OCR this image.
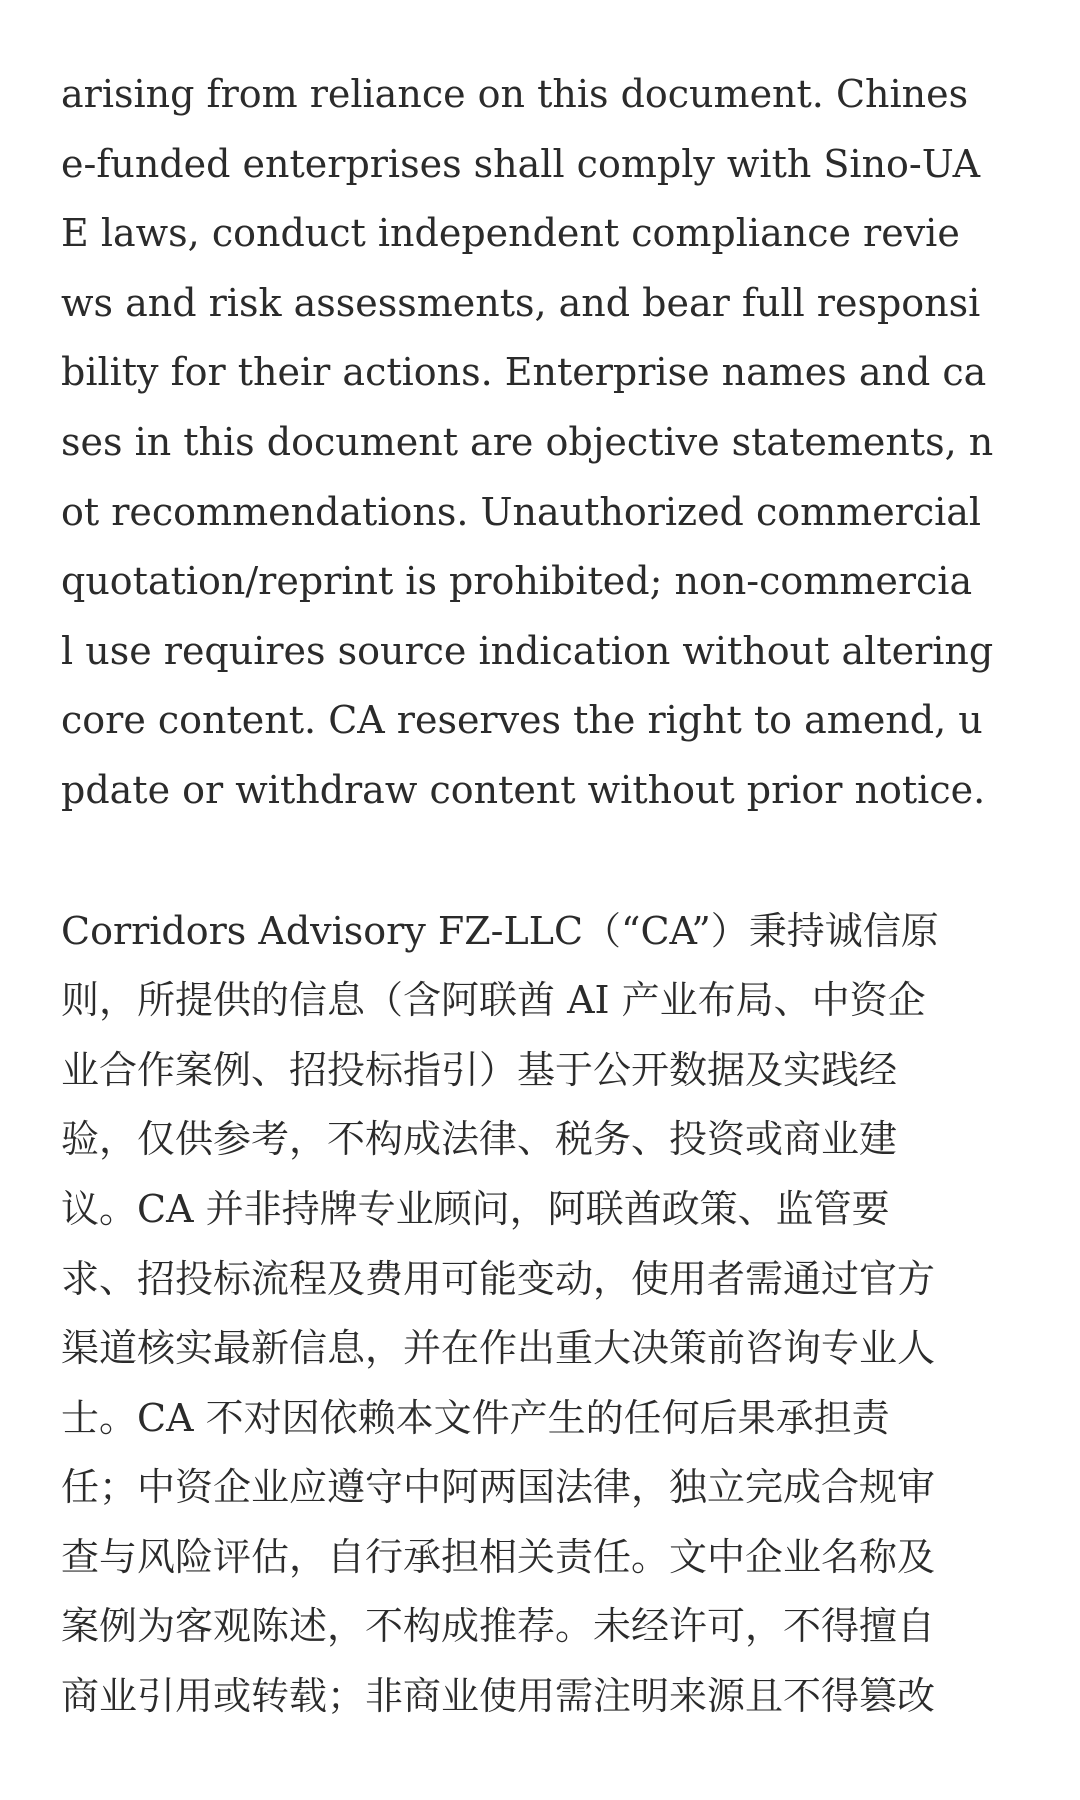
arising from reliance on this document. Chines
e-funded enterprises shall comply with Sino-UA
E laws, conduct independent compliance revie
ws and risk assessments, and bear full responsi
bility for their actions. Enterprise names and ca
ses in this document are objective statements, n
ot recommendations. Unauthorized commercial
quotation/reprint is prohibited; non-commercia
l use requires source indication without altering
core content. CA reserves the right to amend, u
pdate or withdraw content without prior notice.

Corridors Advisory FZ-LLC（“CA”）秉持诚信原
则，所提供的信息（含阿联酋 AI 产业布局、中资企
业合作案例、招投标指引）基于公开数据及实践经
验，仅供参考，不构成法律、税务、投资或商业建
议。CA 并非持牌专业顾问，阿联酋政策、监管要
求、招投标流程及费用可能变动，使用者需通过官方
渠道核实最新信息，并在作出重大决策前咨询专业人
士。CA 不对因依赖本文件产生的任何后果承担责
任；中资企业应遵守中阿两国法律，独立完成合规审
查与风险评估，自行承担相关责任。文中企业名称及
案例为客观陈述，不构成推荐。未经许可，不得擅自
商业引用或转载；非商业使用需注明来源且不得篡改
